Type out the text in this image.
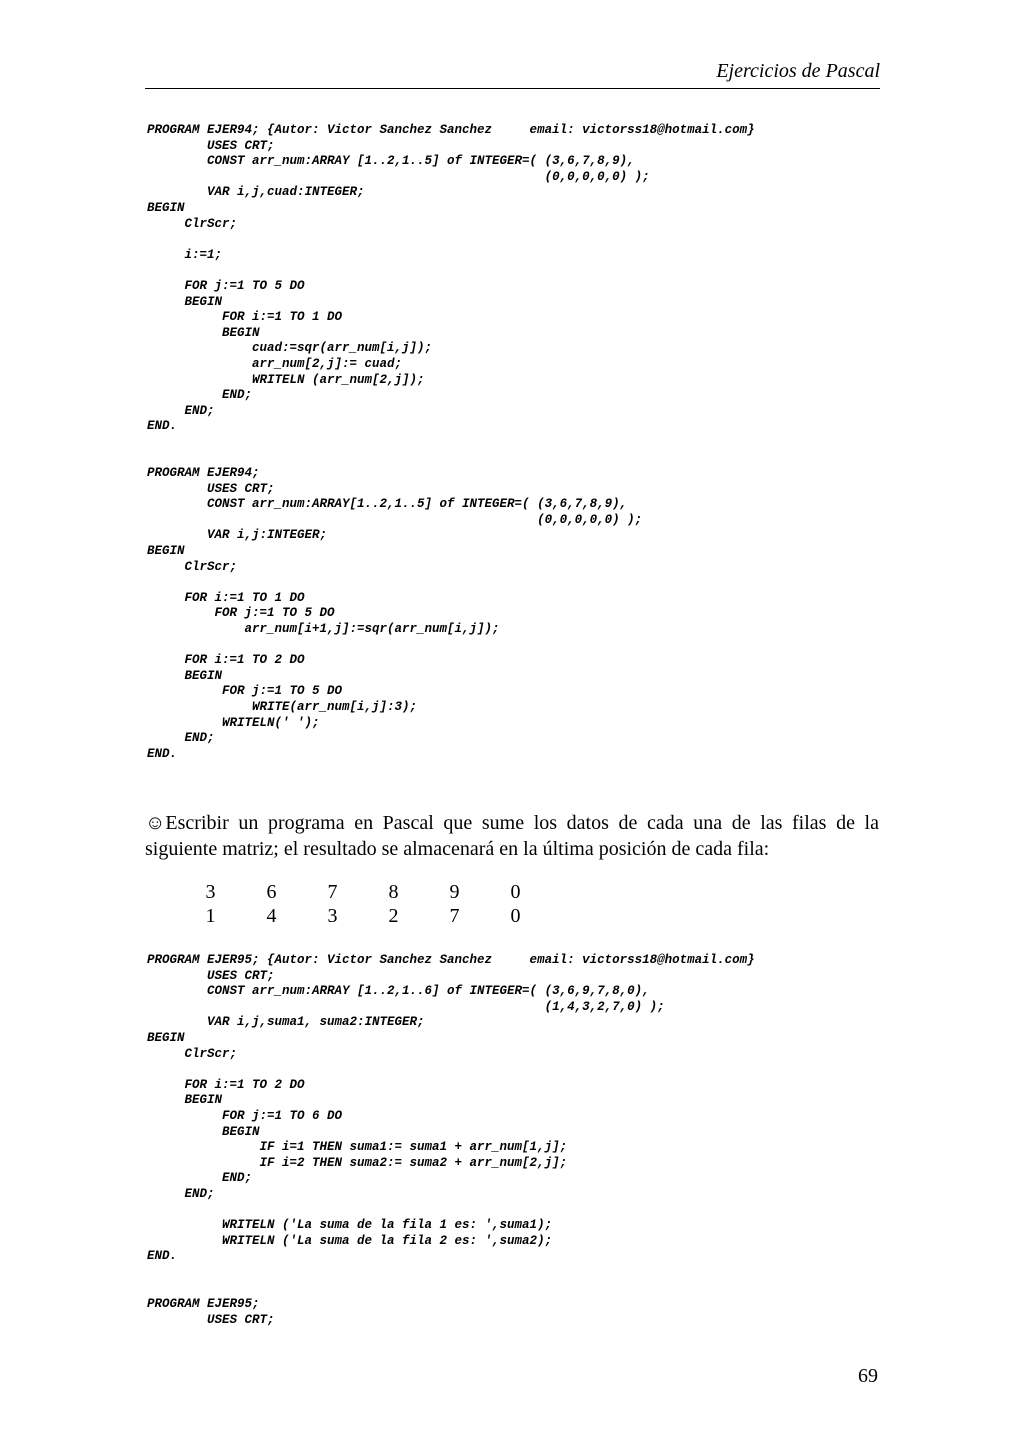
Ejercicios de Pascal
PROGRAM EJER94; {Autor: Victor Sanchez Sanchez     email: victorss18@hotmail.com}
USES CRT;
CONST arr_num:ARRAY [1..2,1..5] of INTEGER=( (3,6,7,8,9),
(0,0,0,0,0) );
VAR i,j,cuad:INTEGER;
BEGIN
ClrScr;

i:=1;

FOR j:=1 TO 5 DO
BEGIN
FOR i:=1 TO 1 DO
BEGIN
cuad:=sqr(arr_num[i,j]);
arr_num[2,j]:= cuad;
WRITELN (arr_num[2,j]);
END;
END;
END.
PROGRAM EJER94;
USES CRT;
CONST arr_num:ARRAY[1..2,1..5] of INTEGER=( (3,6,7,8,9),
(0,0,0,0,0) );
VAR i,j:INTEGER;
BEGIN
ClrScr;

FOR i:=1 TO 1 DO
FOR j:=1 TO 5 DO
arr_num[i+1,j]:=sqr(arr_num[i,j]);

FOR i:=1 TO 2 DO
BEGIN
FOR j:=1 TO 5 DO
WRITE(arr_num[i,j]:3);
WRITELN(' ');
END;
END.
☺Escribir un programa en Pascal que sume los datos de cada una de las filas de la siguiente matriz; el resultado se almacenará en la última posición de cada fila:
3	6	7	8	9	0
1	4	3	2	7	0
PROGRAM EJER95; {Autor: Victor Sanchez Sanchez     email: victorss18@hotmail.com}
USES CRT;
CONST arr_num:ARRAY [1..2,1..6] of INTEGER=( (3,6,9,7,8,0),
(1,4,3,2,7,0) );
VAR i,j,suma1, suma2:INTEGER;
BEGIN
ClrScr;

FOR i:=1 TO 2 DO
BEGIN
FOR j:=1 TO 6 DO
BEGIN
IF i=1 THEN suma1:= suma1 + arr_num[1,j];
IF i=2 THEN suma2:= suma2 + arr_num[2,j];
END;
END;

WRITELN ('La suma de la fila 1 es: ',suma1);
WRITELN ('La suma de la fila 2 es: ',suma2);
END.
PROGRAM EJER95;
USES CRT;
69
